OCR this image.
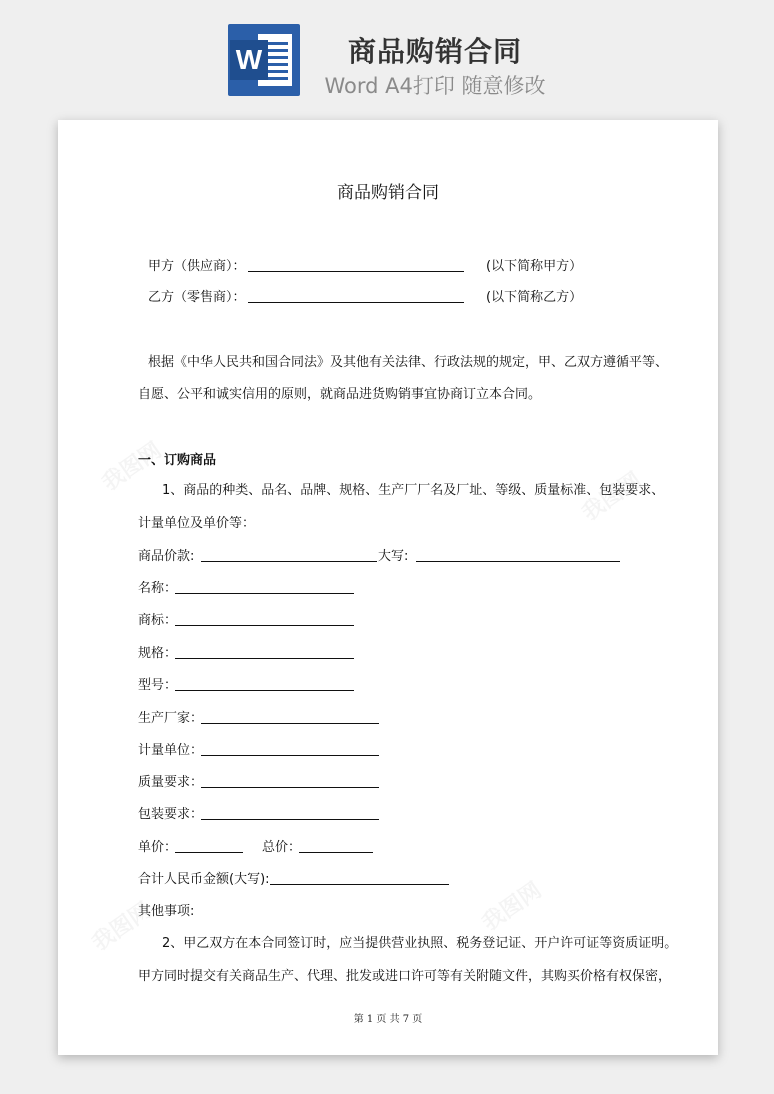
W	商品购销合同
Word A4打印 随意修改
商品购销合同
甲方（供应商）：	(以下简称甲方）
乙方（零售商）：	(以下简称乙方）
根据《中华人民共和国合同法》及其他有关法律、行政法规的规定，甲、乙双方遵循平等、
自愿、公平和诚实信用的原则，就商品进货购销事宜协商订立本合同。
一、订购商品
1、商品的种类、品名、品牌、规格、生产厂厂名及厂址、等级、质量标准、包装要求、
计量单位及单价等：
商品价款:	大写:
名称：
商标：
规格：
型号：
生产厂家：
计量单位：
质量要求：
包装要求：
单价：	总价：
合计人民币金额(大写):
其他事项:
2、甲乙双方在本合同签订时，应当提供营业执照、税务登记证、开户许可证等资质证明。
甲方同时提交有关商品生产、代理、批发或进口许可等有关附随文件，其购买价格有权保密，
第 1 页 共 7 页
